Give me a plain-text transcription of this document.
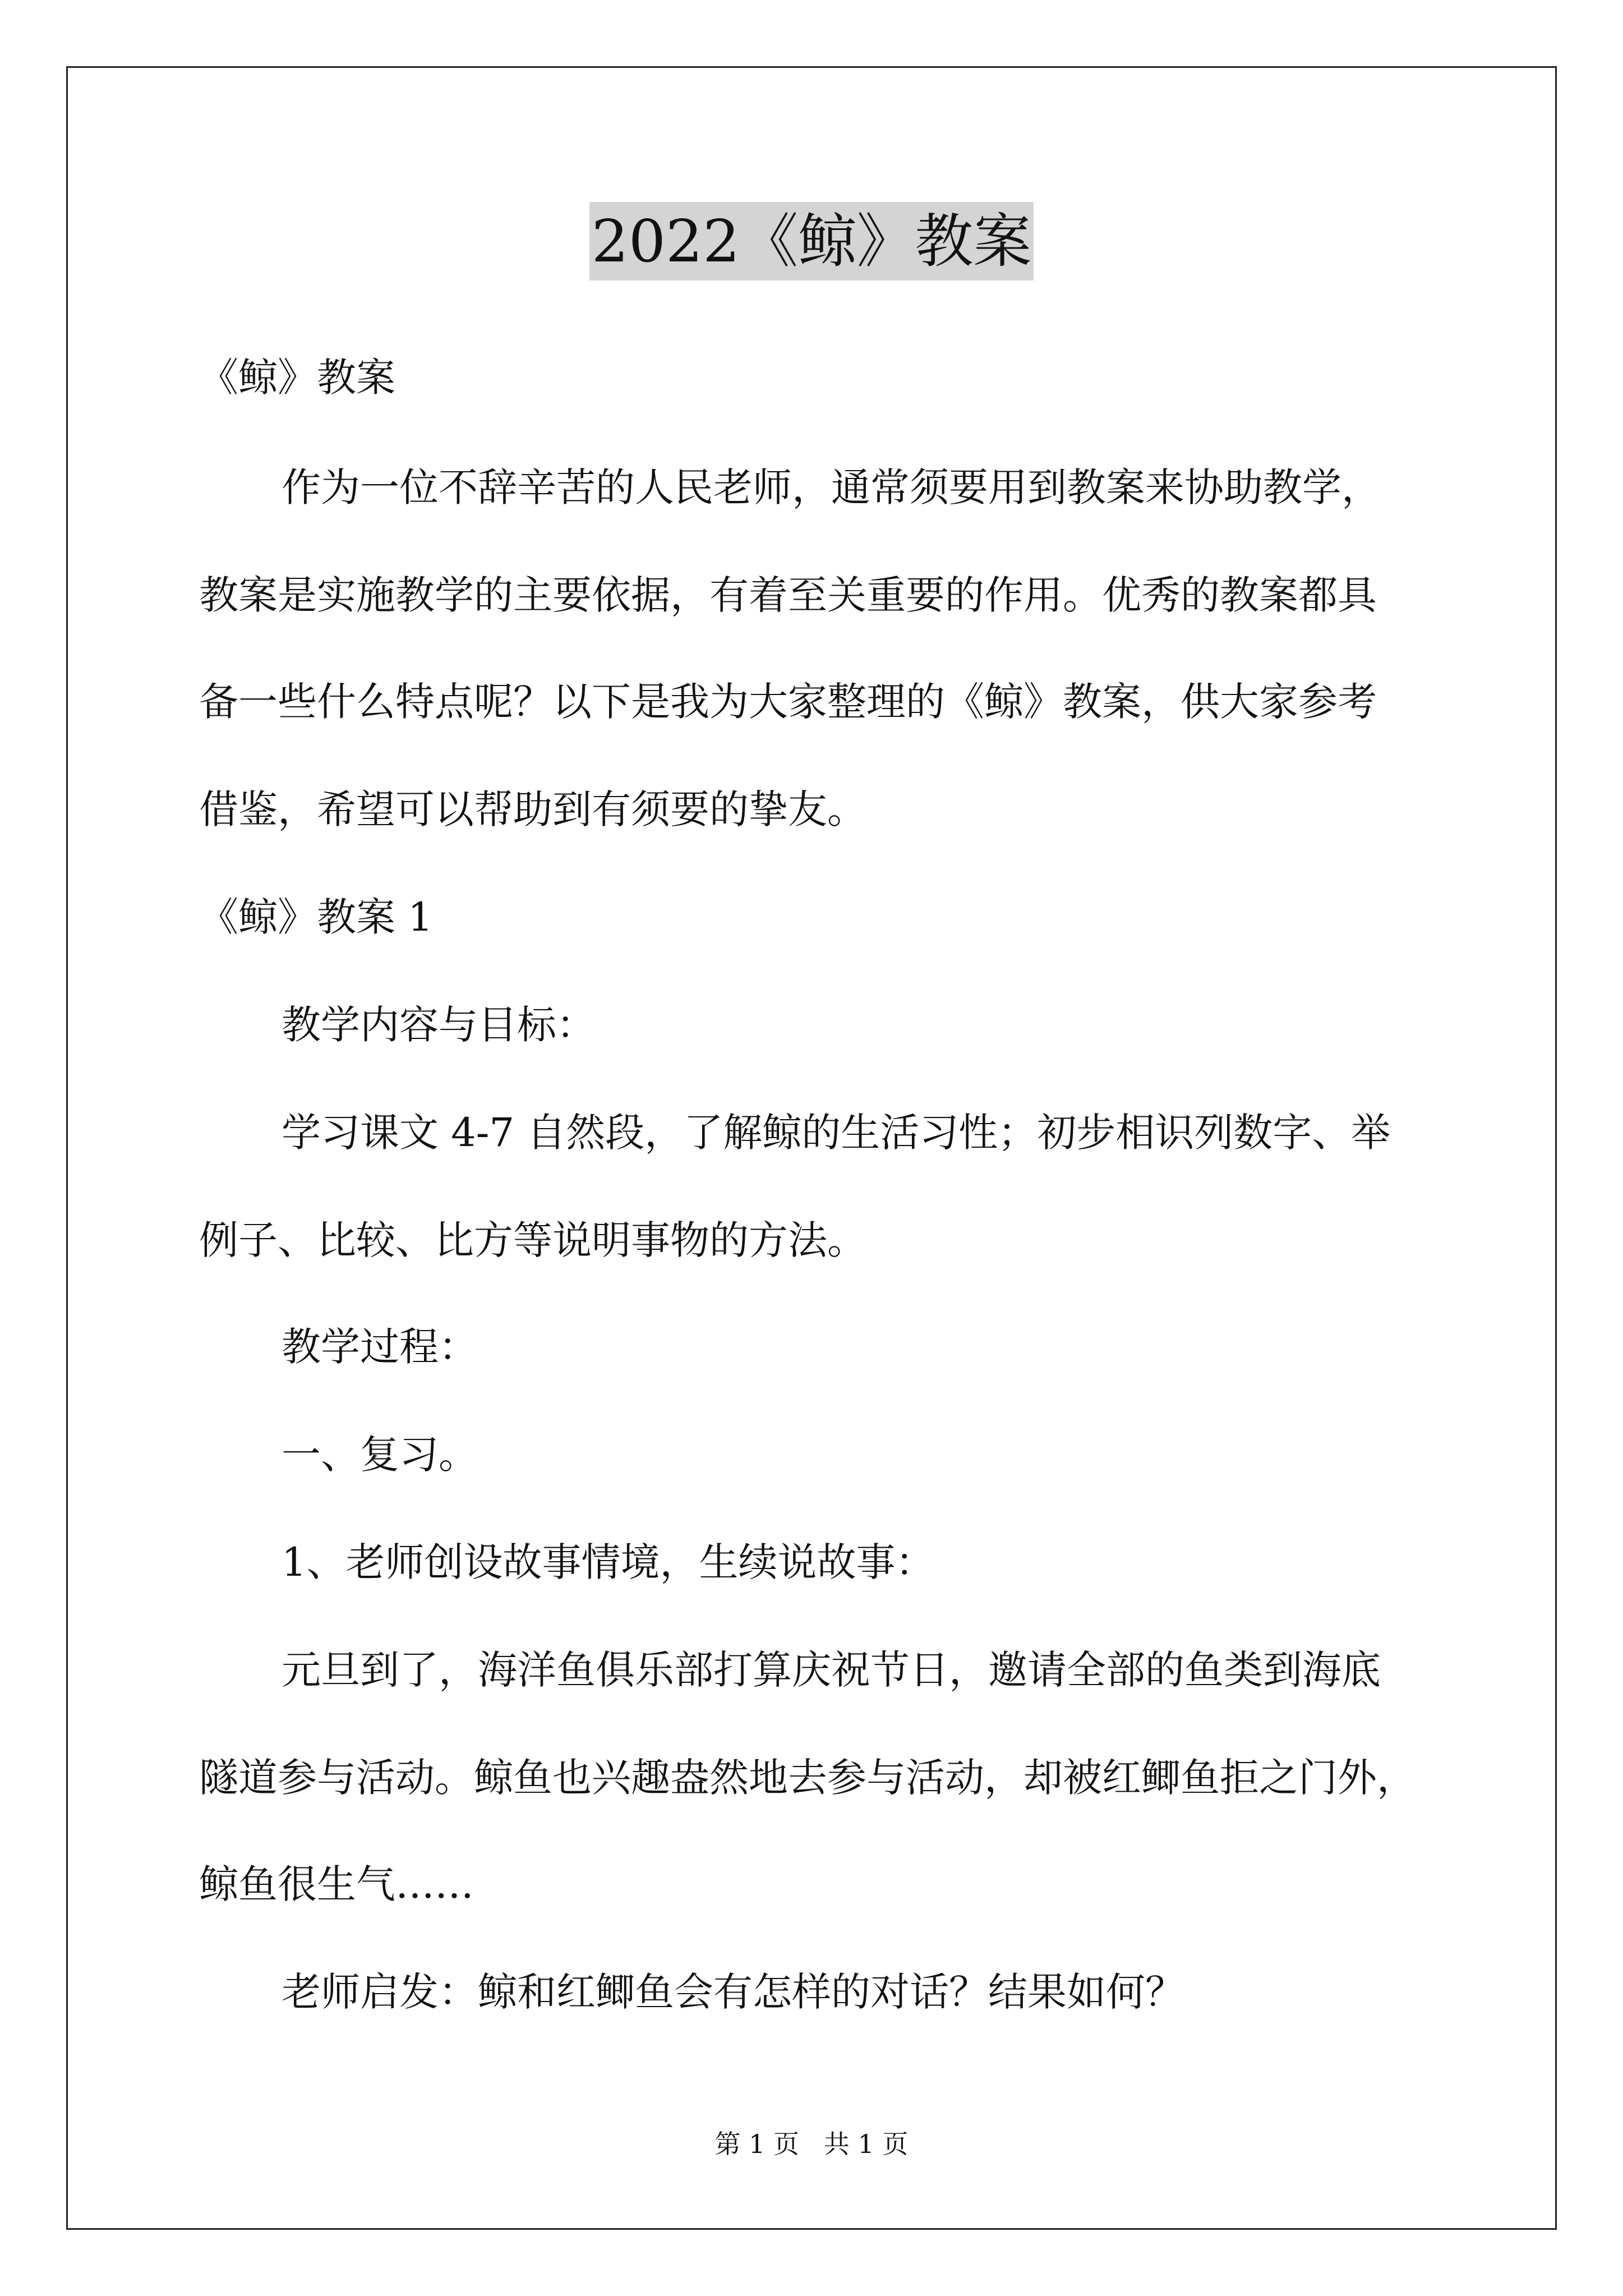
2022《鲸》教案
《鲸》教案
作为一位不辞辛苦的人民老师，通常须要用到教案来协助教学，
教案是实施教学的主要依据，有着至关重要的作用。优秀的教案都具
备一些什么特点呢？以下是我为大家整理的《鲸》教案，供大家参考
借鉴，希望可以帮助到有须要的挚友。
《鲸》教案 1
教学内容与目标：
学习课文 4-7 自然段，了解鲸的生活习性；初步相识列数字、举
例子、比较、比方等说明事物的方法。
教学过程：
一、复习。
1、老师创设故事情境，生续说故事：
元旦到了，海洋鱼俱乐部打算庆祝节日，邀请全部的鱼类到海底
隧道参与活动。鲸鱼也兴趣盎然地去参与活动，却被红鲫鱼拒之门外，
鲸鱼很生气……
老师启发：鲸和红鲫鱼会有怎样的对话？结果如何？
第 1 页   共 1 页
